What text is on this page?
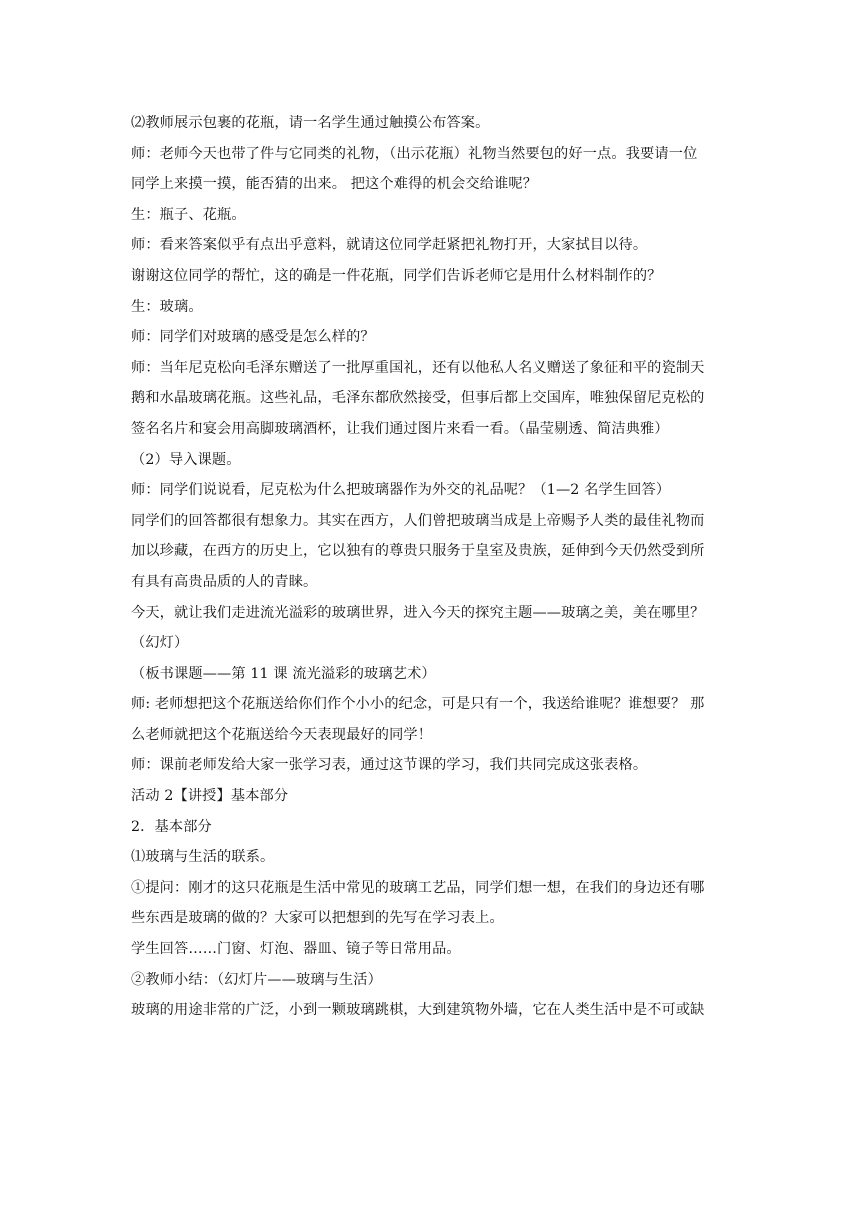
⑵教师展示包裹的花瓶，请一名学生通过触摸公布答案。
师：老师今天也带了件与它同类的礼物，（出示花瓶）礼物当然要包的好一点。我要请一位
同学上来摸一摸，能否猜的出来。 把这个难得的机会交给谁呢？
生：瓶子、花瓶。
师：看来答案似乎有点出乎意料，就请这位同学赶紧把礼物打开，大家拭目以待。
谢谢这位同学的帮忙，这的确是一件花瓶，同学们告诉老师它是用什么材料制作的？
生：玻璃。
师：同学们对玻璃的感受是怎么样的？
师：当年尼克松向毛泽东赠送了一批厚重国礼，还有以他私人名义赠送了象征和平的瓷制天
鹅和水晶玻璃花瓶。这些礼品，毛泽东都欣然接受，但事后都上交国库，唯独保留尼克松的
签名名片和宴会用高脚玻璃酒杯，让我们通过图片来看一看。（晶莹剔透、简洁典雅）
（2）导入课题。
师：同学们说说看，尼克松为什么把玻璃器作为外交的礼品呢？（1—2 名学生回答）
同学们的回答都很有想象力。其实在西方，人们曾把玻璃当成是上帝赐予人类的最佳礼物而
加以珍藏，在西方的历史上，它以独有的尊贵只服务于皇室及贵族，延伸到今天仍然受到所
有具有高贵品质的人的青睐。
今天，就让我们走进流光溢彩的玻璃世界，进入今天的探究主题——玻璃之美，美在哪里？
（幻灯）
（板书课题——第 11 课 流光溢彩的玻璃艺术）
师: 老师想把这个花瓶送给你们作个小小的纪念，可是只有一个，我送给谁呢？谁想要？ 那
么老师就把这个花瓶送给今天表现最好的同学！
师：课前老师发给大家一张学习表，通过这节课的学习，我们共同完成这张表格。
活动 2【讲授】基本部分
2．基本部分
⑴玻璃与生活的联系。
①提问：刚才的这只花瓶是生活中常见的玻璃工艺品，同学们想一想，在我们的身边还有哪
些东西是玻璃的做的？大家可以把想到的先写在学习表上。
学生回答……门窗、灯泡、器皿、镜子等日常用品。
②教师小结：（幻灯片——玻璃与生活）
玻璃的用途非常的广泛，小到一颗玻璃跳棋，大到建筑物外墙，它在人类生活中是不可或缺
